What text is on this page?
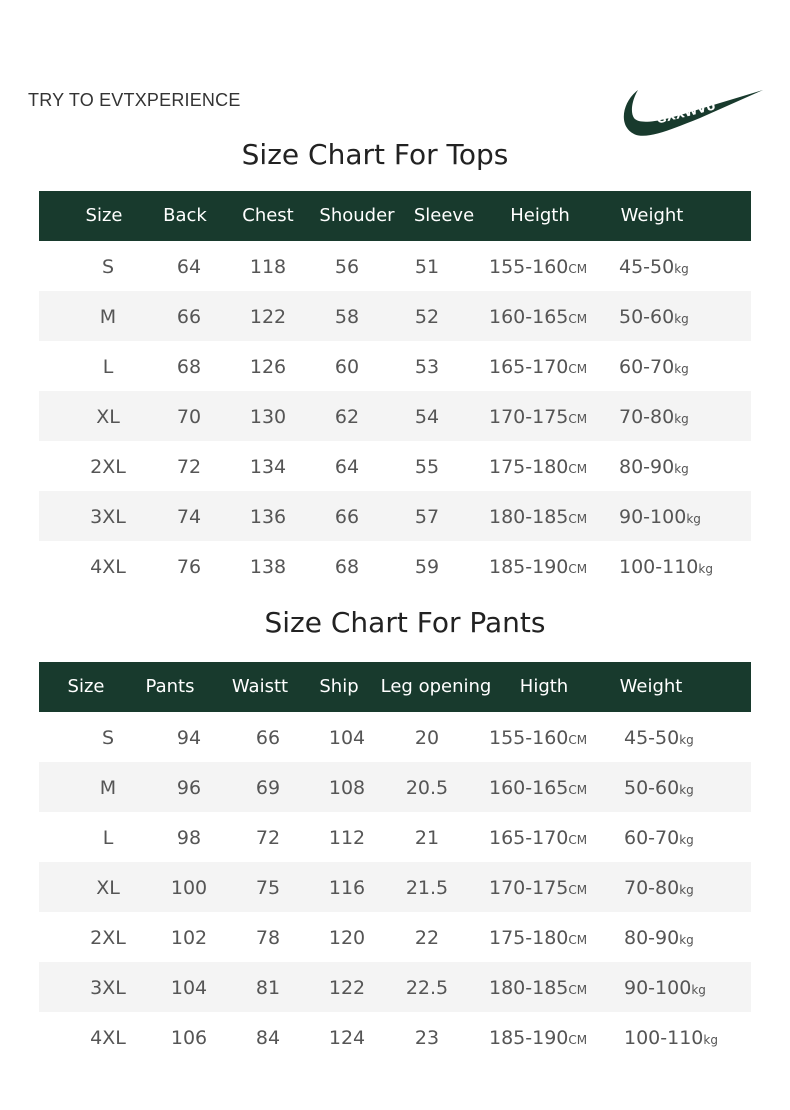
TRY TO EVTXPERIENCE	GXXWVU
Size Chart For Tops
Size Back Chest Shouder Sleeve Heigth	Weight
S	64	118	56	51	155-160CM 45-50kg
M	66	122	58	52	160-165CM 50-60kg
L	68	126	60	53	165-170CM 60-70kg
XL	70	130	62	54	170-175CM 70-80kg
2XL	72	134	64	55	175-180CM 80-90kg
3XL	74	136	66	57	180-185CM 90-100kg
4XL	76	138	68	59	185-190CM 100-110kg
Size Chart For Pants
Size Pants Waistt Ship Leg opening Higth	Weight
S	94	66	104	20	155-160CM 45-50kg
M	96	69	108 20.5 160-165CM 50-60kg
L	98	72	112	21	165-170CM 60-70kg
XL	100	75	116 21.5 170-175CM 70-80kg
2XL 102	78	120	22	175-180CM 80-90kg
3XL 104	81	122 22.5 180-185CM 90-100kg
4XL 106	84	124	23	185-190CM 100-110kg
